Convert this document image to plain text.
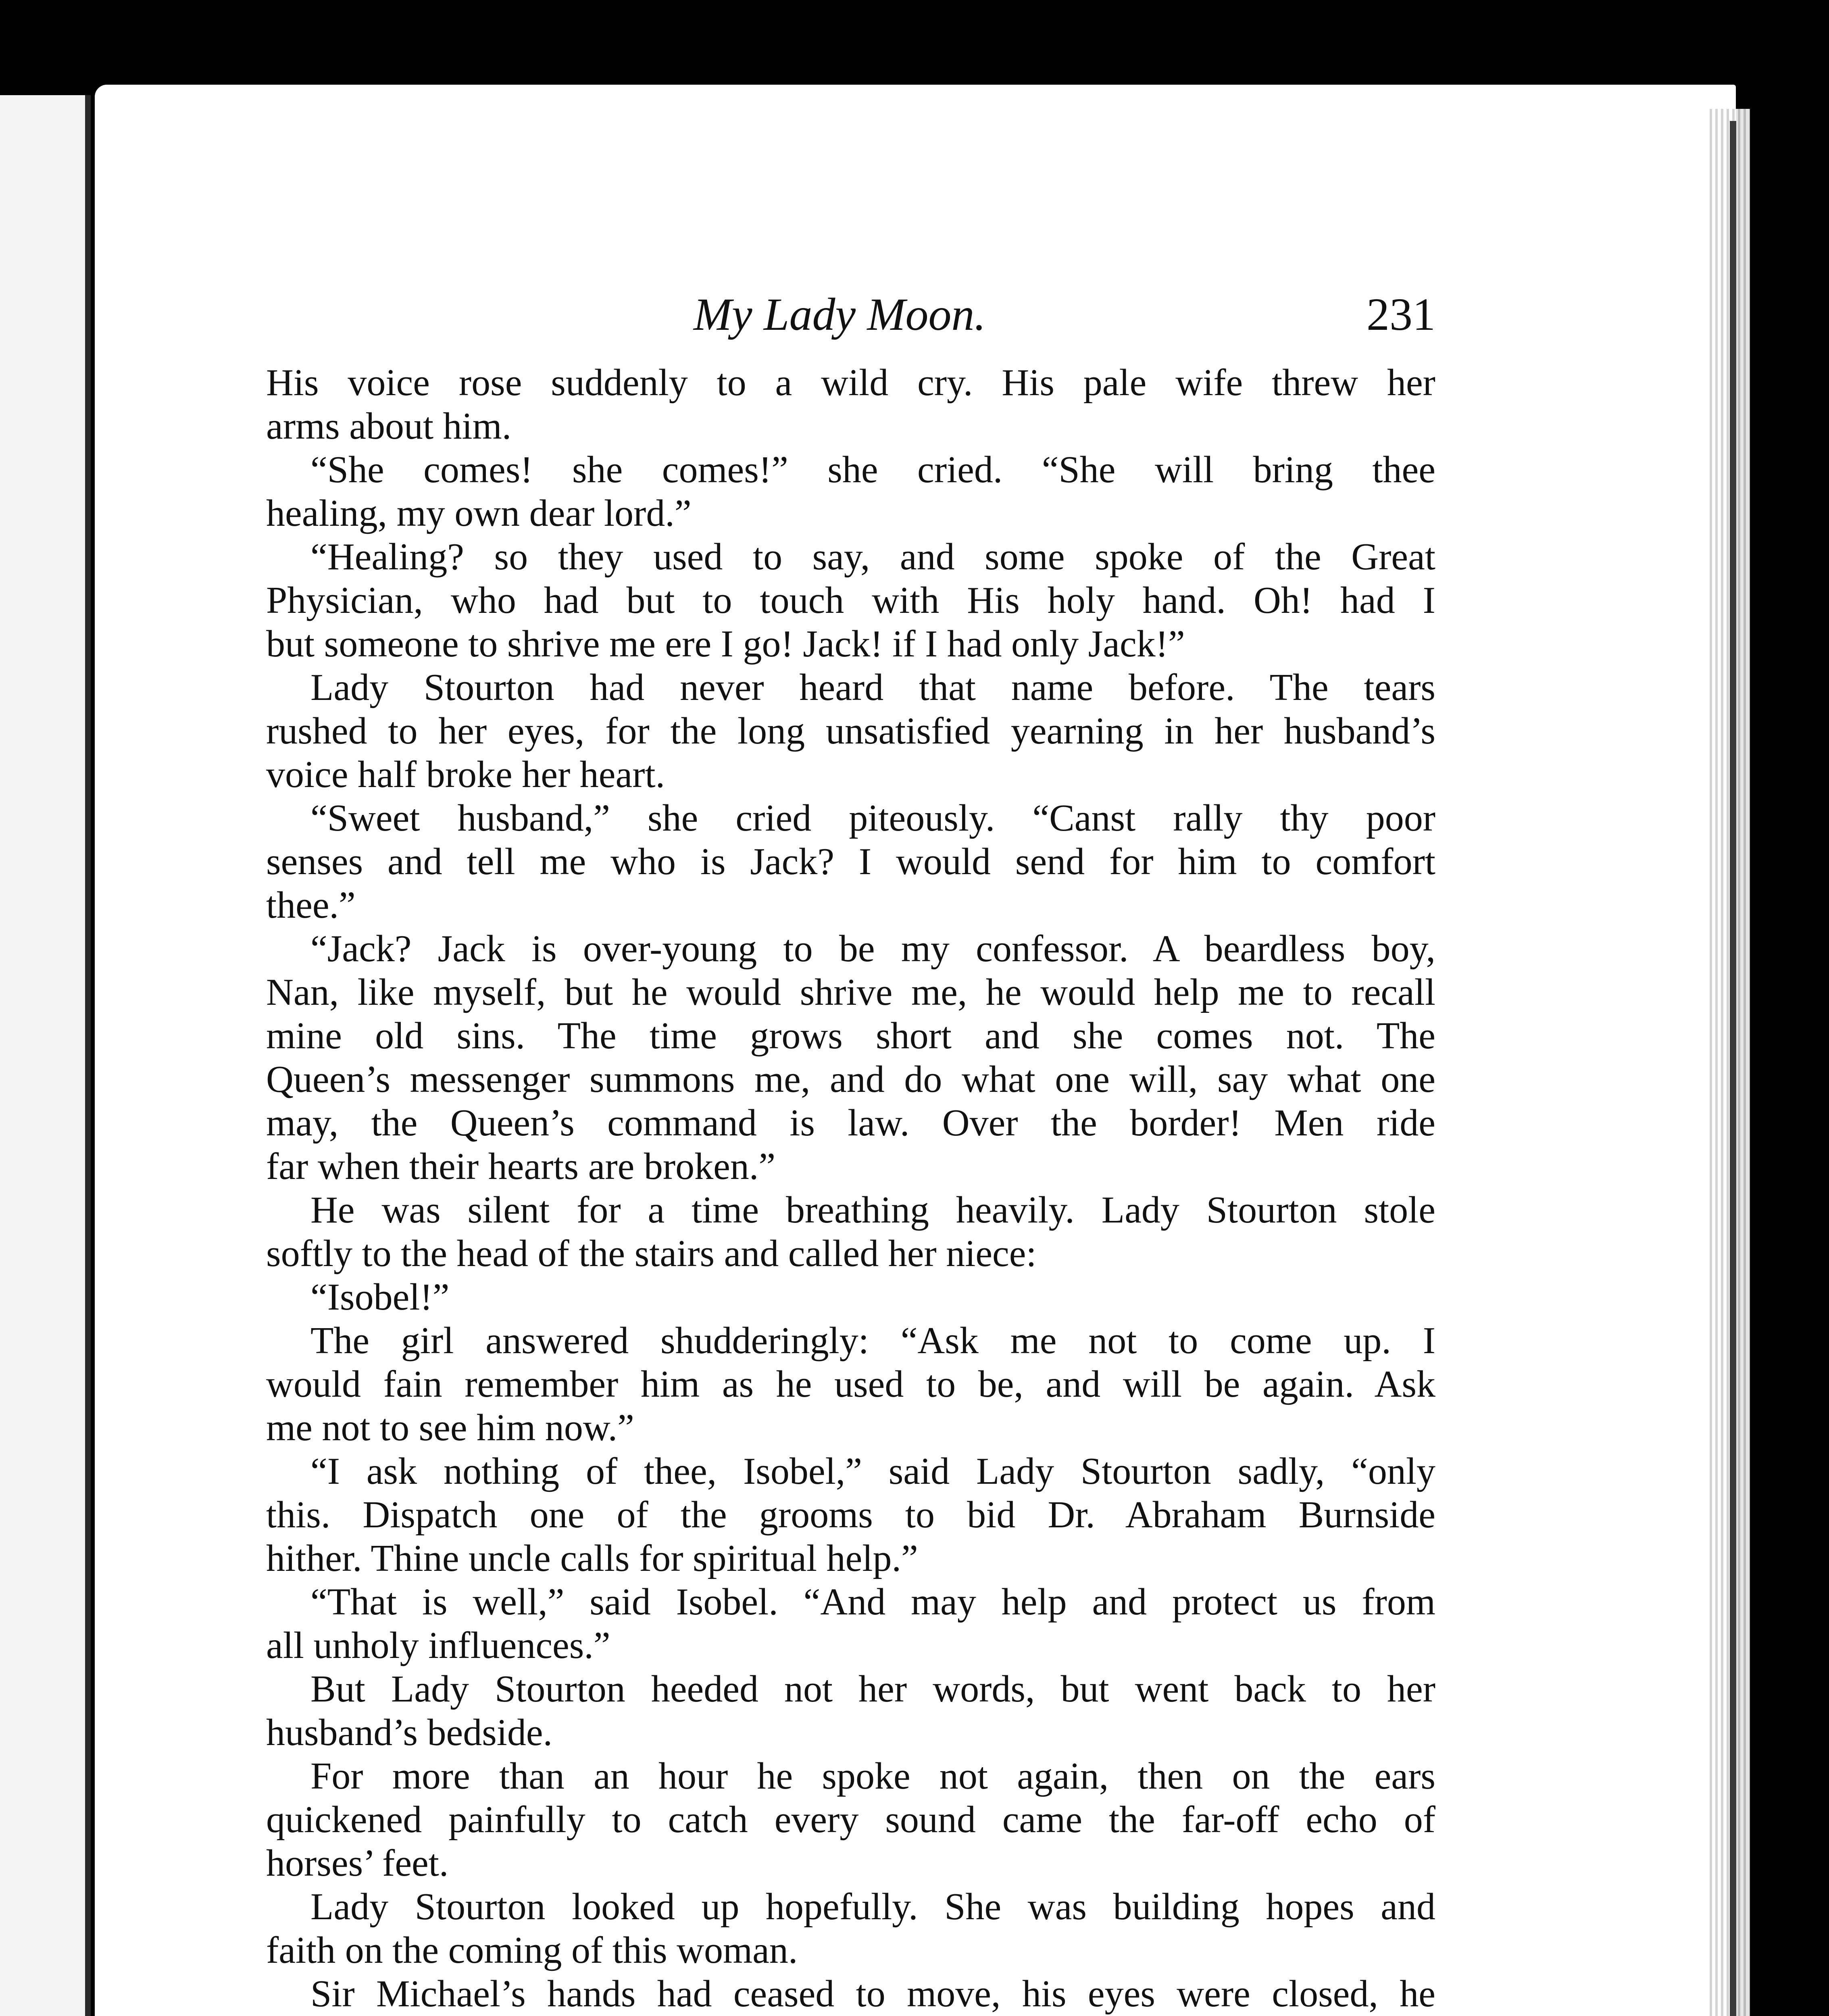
My Lady Moon.	231
His voice rose suddenly to a wild cry. His pale wife threw her
arms about him.
“She comes! she comes!” she cried. “She will bring thee
healing, my own dear lord.”
“Healing? so they used to say, and some spoke of the Great
Physician, who had but to touch with His holy hand. Oh! had I
but someone to shrive me ere I go! Jack! if I had only Jack!”
Lady Stourton had never heard that name before. The tears
rushed to her eyes, for the long unsatisfied yearning in her husband’s
voice half broke her heart.
“Sweet husband,” she cried piteously. “Canst rally thy poor
senses and tell me who is Jack? I would send for him to comfort
thee.”
“Jack? Jack is over-young to be my confessor. A beardless boy,
Nan, like myself, but he would shrive me, he would help me to recall
mine old sins. The time grows short and she comes not. The
Queen’s messenger summons me, and do what one will, say what one
may, the Queen’s command is law. Over the border! Men ride
far when their hearts are broken.”
He was silent for a time breathing heavily. Lady Stourton stole
softly to the head of the stairs and called her niece:
“Isobel!”
The girl answered shudderingly: “Ask me not to come up. I
would fain remember him as he used to be, and will be again. Ask
me not to see him now.”
“I ask nothing of thee, Isobel,” said Lady Stourton sadly, “only
this. Dispatch one of the grooms to bid Dr. Abraham Burnside
hither. Thine uncle calls for spiritual help.”
“That is well,” said Isobel. “And may help and protect us from
all unholy influences.”
But Lady Stourton heeded not her words, but went back to her
husband’s bedside.
For more than an hour he spoke not again, then on the ears
quickened painfully to catch every sound came the far-off echo of
horses’ feet.
Lady Stourton looked up hopefully. She was building hopes and
faith on the coming of this woman.
Sir Michael’s hands had ceased to move, his eyes were closed, he
